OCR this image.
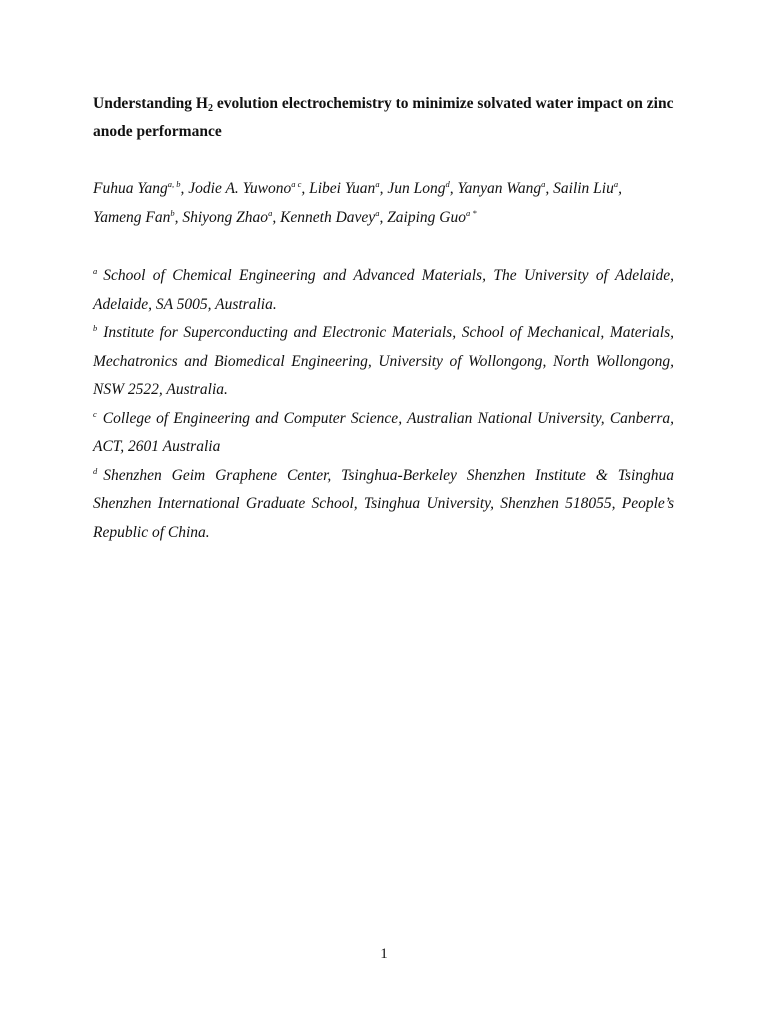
Understanding $H_2$ evolution electrochemistry to minimize solvated water impact on zinc anode performance

Fuhua Yang$^{a, b}$, Jodie A. Yuwono$^{a c}$, Libei Yuan$^a$, Jun Long$^d$, Yanyan Wang$^a$, Sailin Liu$^a$,
Yameng Fan$^b$, Shiyong Zhao$^a$, Kenneth Davey$^a$, Zaiping Guo$^{a *}$
$^a$ School of Chemical Engineering and Advanced Materials, The University of Adelaide, Adelaide, SA 5005, Australia.
$^b$ Institute for Superconducting and Electronic Materials, School of Mechanical, Materials, Mechatronics and Biomedical Engineering, University of Wollongong, North Wollongong, NSW 2522, Australia.
$^c$ College of Engineering and Computer Science, Australian National University, Canberra, ACT, 2601 Australia
$^d$ Shenzhen Geim Graphene Center, Tsinghua-Berkeley Shenzhen Institute & Tsinghua Shenzhen International Graduate School, Tsinghua University, Shenzhen 518055, People’s Republic of China.
1
